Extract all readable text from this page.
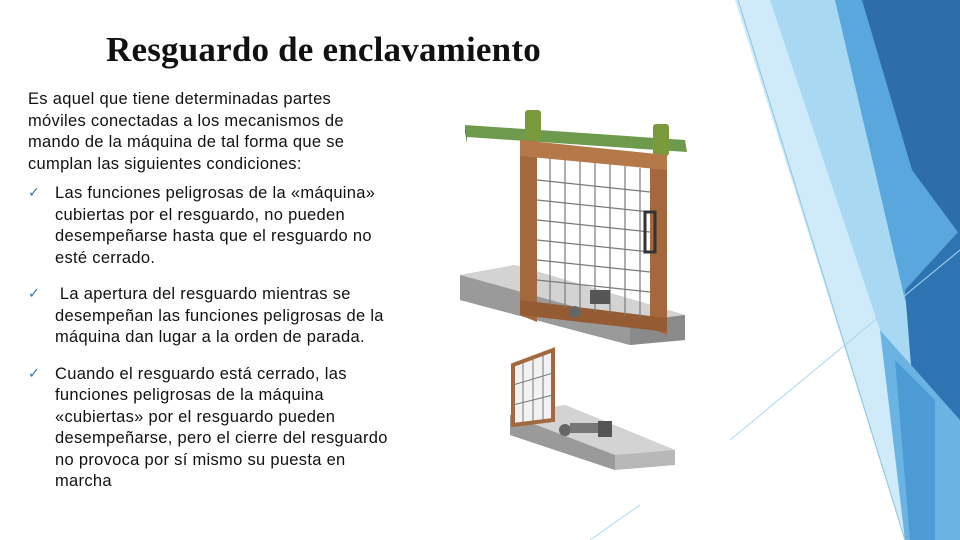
Resguardo de enclavamiento
Es aquel que tiene determinadas partes móviles conectadas a los mecanismos de mando de la máquina de tal forma que se cumplan las siguientes condiciones:
✓ Las funciones peligrosas de la «máquina» cubiertas por el resguardo, no pueden desempeñarse hasta que el resguardo no esté cerrado.
✓ La apertura del resguardo mientras se desempeñan las funciones peligrosas de la máquina dan lugar a la orden de parada.
✓ Cuando el resguardo está cerrado, las funciones peligrosas de la máquina «cubiertas» por el resguardo pueden desempeñarse, pero el cierre del resguardo no provoca por sí mismo su puesta en marcha
